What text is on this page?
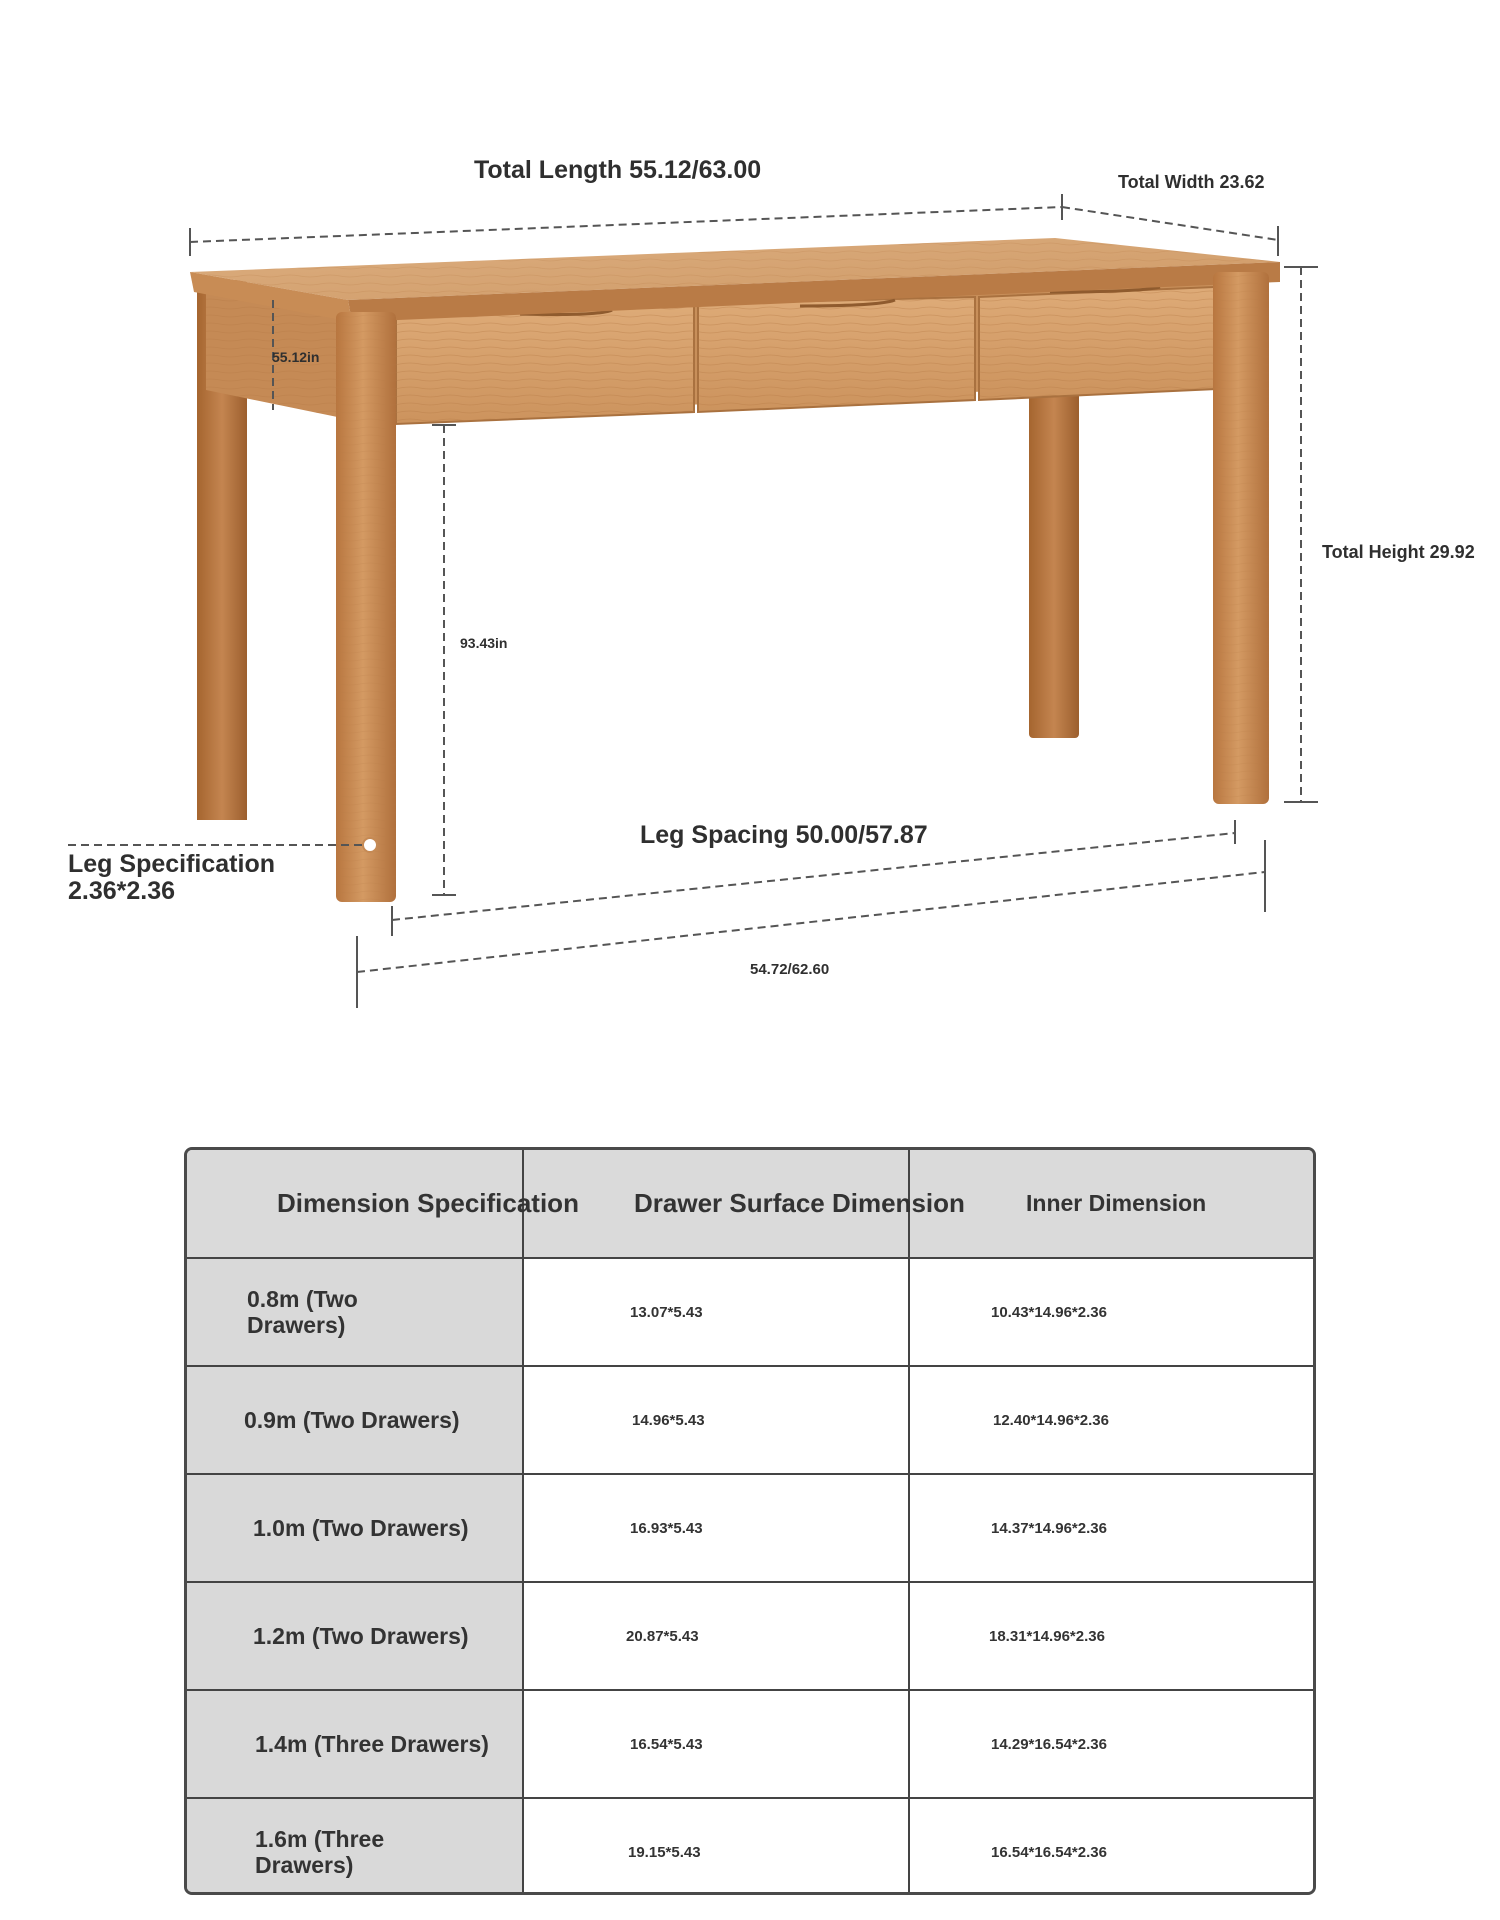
Total Length 55.12/63.00	Total Width 23.62
Total Height 29.92
55.12in
93.43in
Leg Specification
2.36*2.36
Leg Spacing 50.00/57.87
54.72/62.60
Dimension Specification	Drawer Surface Dimension	Inner Dimension

0.8m (Two Drawers)	13.07*5.43	10.43*14.96*2.36

0.9m (Two Drawers)	14.96*5.43	12.40*14.96*2.36

1.0m (Two Drawers)	16.93*5.43	14.37*14.96*2.36

1.2m (Two Drawers)	20.87*5.43	18.31*14.96*2.36

1.4m (Three Drawers)	16.54*5.43	14.29*16.54*2.36

1.6m (Three Drawers)	19.15*5.43	16.54*16.54*2.36
